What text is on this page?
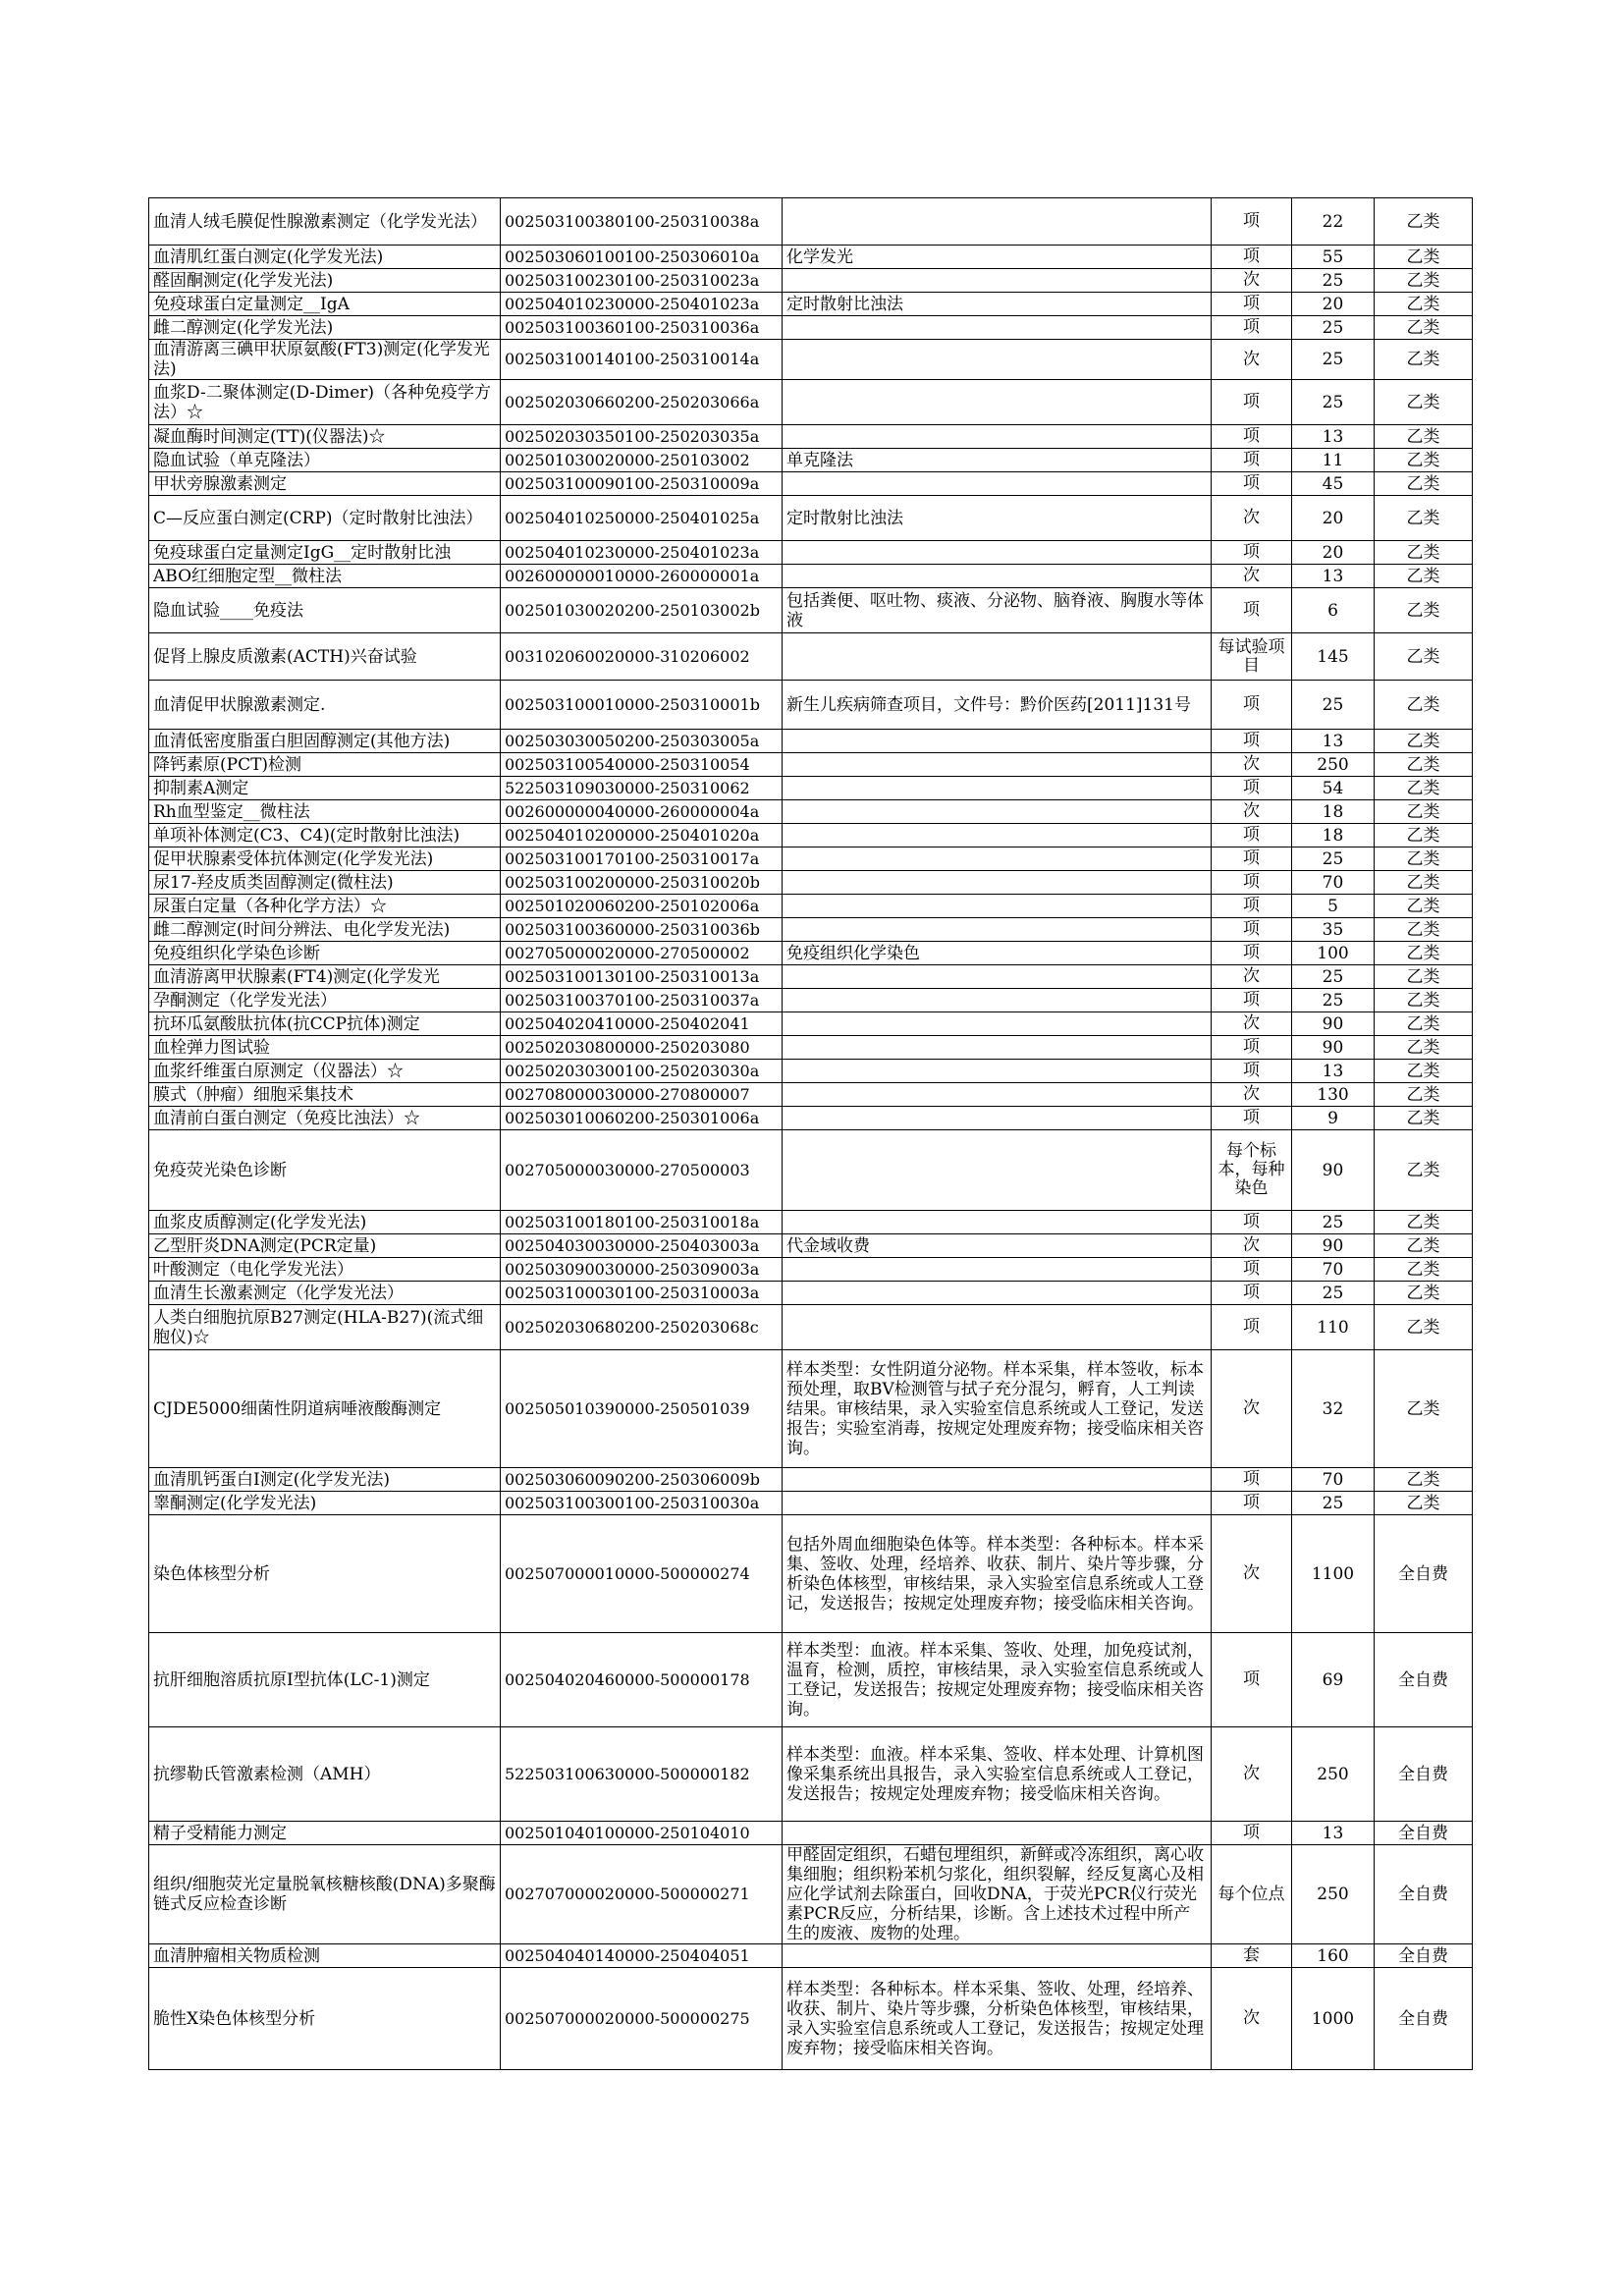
血清人绒毛膜促性腺激素测定（化学发光法）	002503100380100-250310038a		项	22	乙类
血清肌红蛋白测定(化学发光法)	002503060100100-250306010a	化学发光	项	55	乙类
醛固酮测定(化学发光法)	002503100230100-250310023a		次	25	乙类
免疫球蛋白定量测定__IgA	002504010230000-250401023a	定时散射比浊法	项	20	乙类
雌二醇测定(化学发光法)	002503100360100-250310036a		项	25	乙类
血清游离三碘甲状原氨酸(FT3)测定(化学发光法)	002503100140100-250310014a		次	25	乙类
血浆D-二聚体测定(D-Dimer)（各种免疫学方法）☆	002502030660200-250203066a		项	25	乙类
凝血酶时间测定(TT)(仪器法)☆	002502030350100-250203035a		项	13	乙类
隐血试验（单克隆法）	002501030020000-250103002	单克隆法	项	11	乙类
甲状旁腺激素测定	002503100090100-250310009a		项	45	乙类
C—反应蛋白测定(CRP)（定时散射比浊法）	002504010250000-250401025a	定时散射比浊法	次	20	乙类
免疫球蛋白定量测定IgG__定时散射比浊	002504010230000-250401023a		项	20	乙类
ABO红细胞定型__微柱法	002600000010000-260000001a		次	13	乙类
隐血试验____免疫法	002501030020200-250103002b	包括粪便、呕吐物、痰液、分泌物、脑脊液、胸腹水等体液	项	6	乙类
促肾上腺皮质激素(ACTH)兴奋试验	003102060020000-310206002		每试验项目	145	乙类
血清促甲状腺激素测定.	002503100010000-250310001b	新生儿疾病筛查项目，文件号：黔价医药[2011]131号	项	25	乙类
血清低密度脂蛋白胆固醇测定(其他方法)	002503030050200-250303005a		项	13	乙类
降钙素原(PCT)检测	002503100540000-250310054		次	250	乙类
抑制素A测定	522503109030000-250310062		项	54	乙类
Rh血型鉴定__微柱法	002600000040000-260000004a		次	18	乙类
单项补体测定(C3、C4)(定时散射比浊法)	002504010200000-250401020a		项	18	乙类
促甲状腺素受体抗体测定(化学发光法)	002503100170100-250310017a		项	25	乙类
尿17-羟皮质类固醇测定(微柱法)	002503100200000-250310020b		项	70	乙类
尿蛋白定量（各种化学方法）☆	002501020060200-250102006a		项	5	乙类
雌二醇测定(时间分辨法、电化学发光法)	002503100360000-250310036b		项	35	乙类
免疫组织化学染色诊断	002705000020000-270500002	免疫组织化学染色	项	100	乙类
血清游离甲状腺素(FT4)测定(化学发光	002503100130100-250310013a		次	25	乙类
孕酮测定（化学发光法）	002503100370100-250310037a		项	25	乙类
抗环瓜氨酸肽抗体(抗CCP抗体)测定	002504020410000-250402041		次	90	乙类
血栓弹力图试验	002502030800000-250203080		项	90	乙类
血浆纤维蛋白原测定（仪器法）☆	002502030300100-250203030a		项	13	乙类
膜式（肿瘤）细胞采集技术	002708000030000-270800007		次	130	乙类
血清前白蛋白测定（免疫比浊法）☆	002503010060200-250301006a		项	9	乙类
免疫荧光染色诊断	002705000030000-270500003		每个标本，每种染色	90	乙类
血浆皮质醇测定(化学发光法)	002503100180100-250310018a		项	25	乙类
乙型肝炎DNA测定(PCR定量)	002504030030000-250403003a	代金域收费	次	90	乙类
叶酸测定（电化学发光法）	002503090030000-250309003a		项	70	乙类
血清生长激素测定（化学发光法）	002503100030100-250310003a		项	25	乙类
人类白细胞抗原B27测定(HLA-B27)(流式细胞仪)☆	002502030680200-250203068c		项	110	乙类
CJDE5000细菌性阴道病唾液酸酶测定	002505010390000-250501039	样本类型：女性阴道分泌物。样本采集，样本签收，标本预处理，取BV检测管与拭子充分混匀，孵育，人工判读结果。审核结果，录入实验室信息系统或人工登记，发送报告；实验室消毒，按规定处理废弃物；接受临床相关咨询。	次	32	乙类
血清肌钙蛋白I测定(化学发光法)	002503060090200-250306009b		项	70	乙类
睾酮测定(化学发光法)	002503100300100-250310030a		项	25	乙类
染色体核型分析	002507000010000-500000274	包括外周血细胞染色体等。样本类型：各种标本。样本采集、签收、处理，经培养、收获、制片、染片等步骤，分析染色体核型，审核结果，录入实验室信息系统或人工登记，发送报告；按规定处理废弃物；接受临床相关咨询。	次	1100	全自费
抗肝细胞溶质抗原I型抗体(LC-1)测定	002504020460000-500000178	样本类型：血液。样本采集、签收、处理，加免疫试剂，温育，检测，质控，审核结果，录入实验室信息系统或人工登记，发送报告；按规定处理废弃物；接受临床相关咨询。	项	69	全自费
抗缪勒氏管激素检测（AMH）	522503100630000-500000182	样本类型：血液。样本采集、签收、样本处理、计算机图像采集系统出具报告，录入实验室信息系统或人工登记，发送报告；按规定处理废弃物；接受临床相关咨询。	次	250	全自费
精子受精能力测定	002501040100000-250104010		项	13	全自费
组织/细胞荧光定量脱氧核糖核酸(DNA)多聚酶链式反应检查诊断	002707000020000-500000271	甲醛固定组织，石蜡包埋组织，新鲜或冷冻组织，离心收集细胞；组织粉苯机匀浆化，组织裂解，经反复离心及相应化学试剂去除蛋白，回收DNA，于荧光PCR仪行荧光素PCR反应，分析结果，诊断。含上述技术过程中所产生的废液、废物的处理。	每个位点	250	全自费
血清肿瘤相关物质检测	002504040140000-250404051		套	160	全自费
脆性X染色体核型分析	002507000020000-500000275	样本类型：各种标本。样本采集、签收、处理，经培养、收获、制片、染片等步骤，分析染色体核型，审核结果，录入实验室信息系统或人工登记，发送报告；按规定处理废弃物；接受临床相关咨询。	次	1000	全自费
